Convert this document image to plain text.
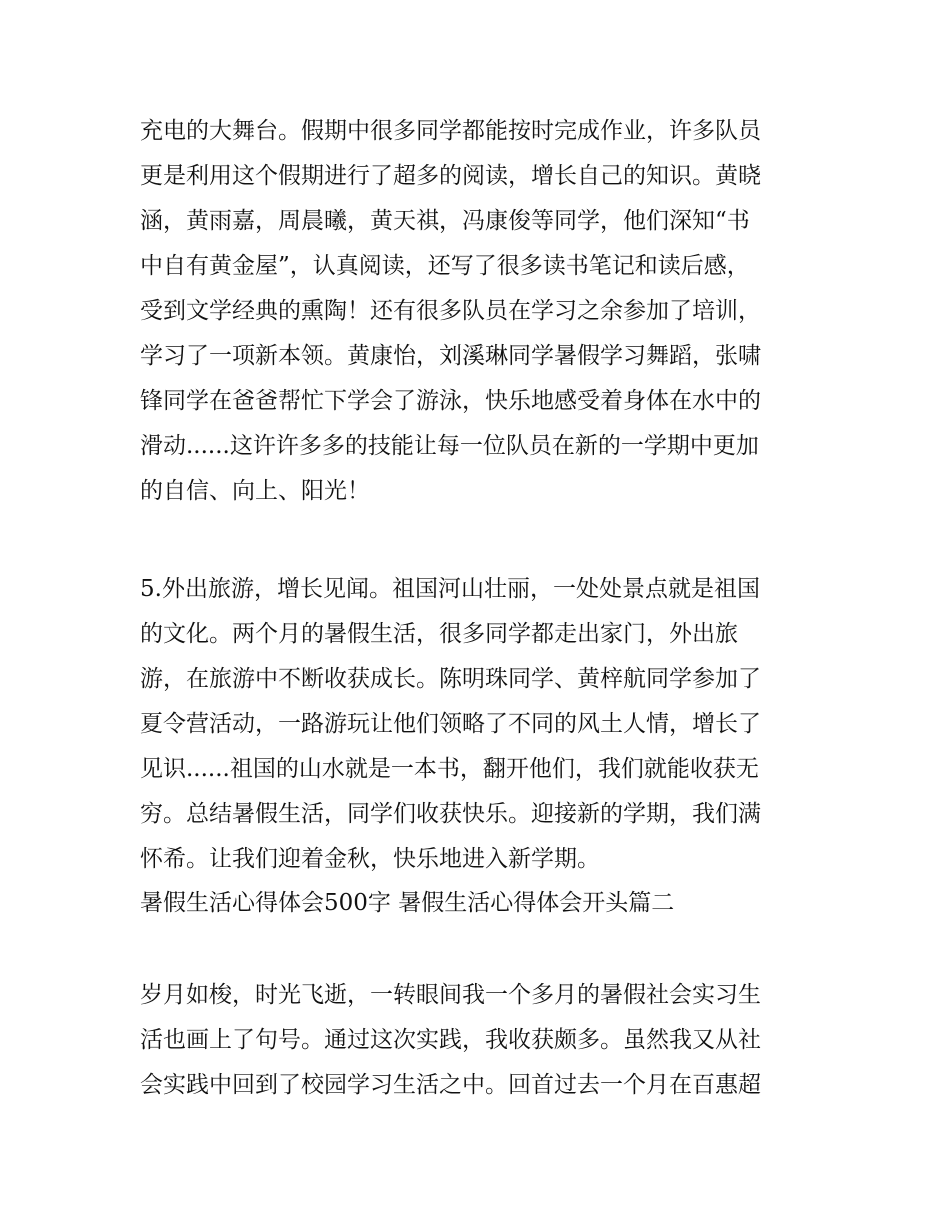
充电的大舞台。假期中很多同学都能按时完成作业，许多队员
更是利用这个假期进行了超多的阅读，增长自己的知识。黄晓
涵，黄雨嘉，周晨曦，黄天祺，冯康俊等同学，他们深知“书
中自有黄金屋”，认真阅读，还写了很多读书笔记和读后感，
受到文学经典的熏陶！还有很多队员在学习之余参加了培训，
学习了一项新本领。黄康怡，刘溪琳同学暑假学习舞蹈，张啸
锋同学在爸爸帮忙下学会了游泳，快乐地感受着身体在水中的
滑动......这许许多多的技能让每一位队员在新的一学期中更加
的自信、向上、阳光！
5.外出旅游，增长见闻。祖国河山壮丽，一处处景点就是祖国
的文化。两个月的暑假生活，很多同学都走出家门，外出旅
游，在旅游中不断收获成长。陈明珠同学、黄梓航同学参加了
夏令营活动，一路游玩让他们领略了不同的风土人情，增长了
见识......祖国的山水就是一本书，翻开他们，我们就能收获无
穷。总结暑假生活，同学们收获快乐。迎接新的学期，我们满
怀希。让我们迎着金秋，快乐地进入新学期。
暑假生活心得体会500字 暑假生活心得体会开头篇二
岁月如梭，时光飞逝，一转眼间我一个多月的暑假社会实习生
活也画上了句号。通过这次实践，我收获颇多。虽然我又从社
会实践中回到了校园学习生活之中。回首过去一个月在百惠超
